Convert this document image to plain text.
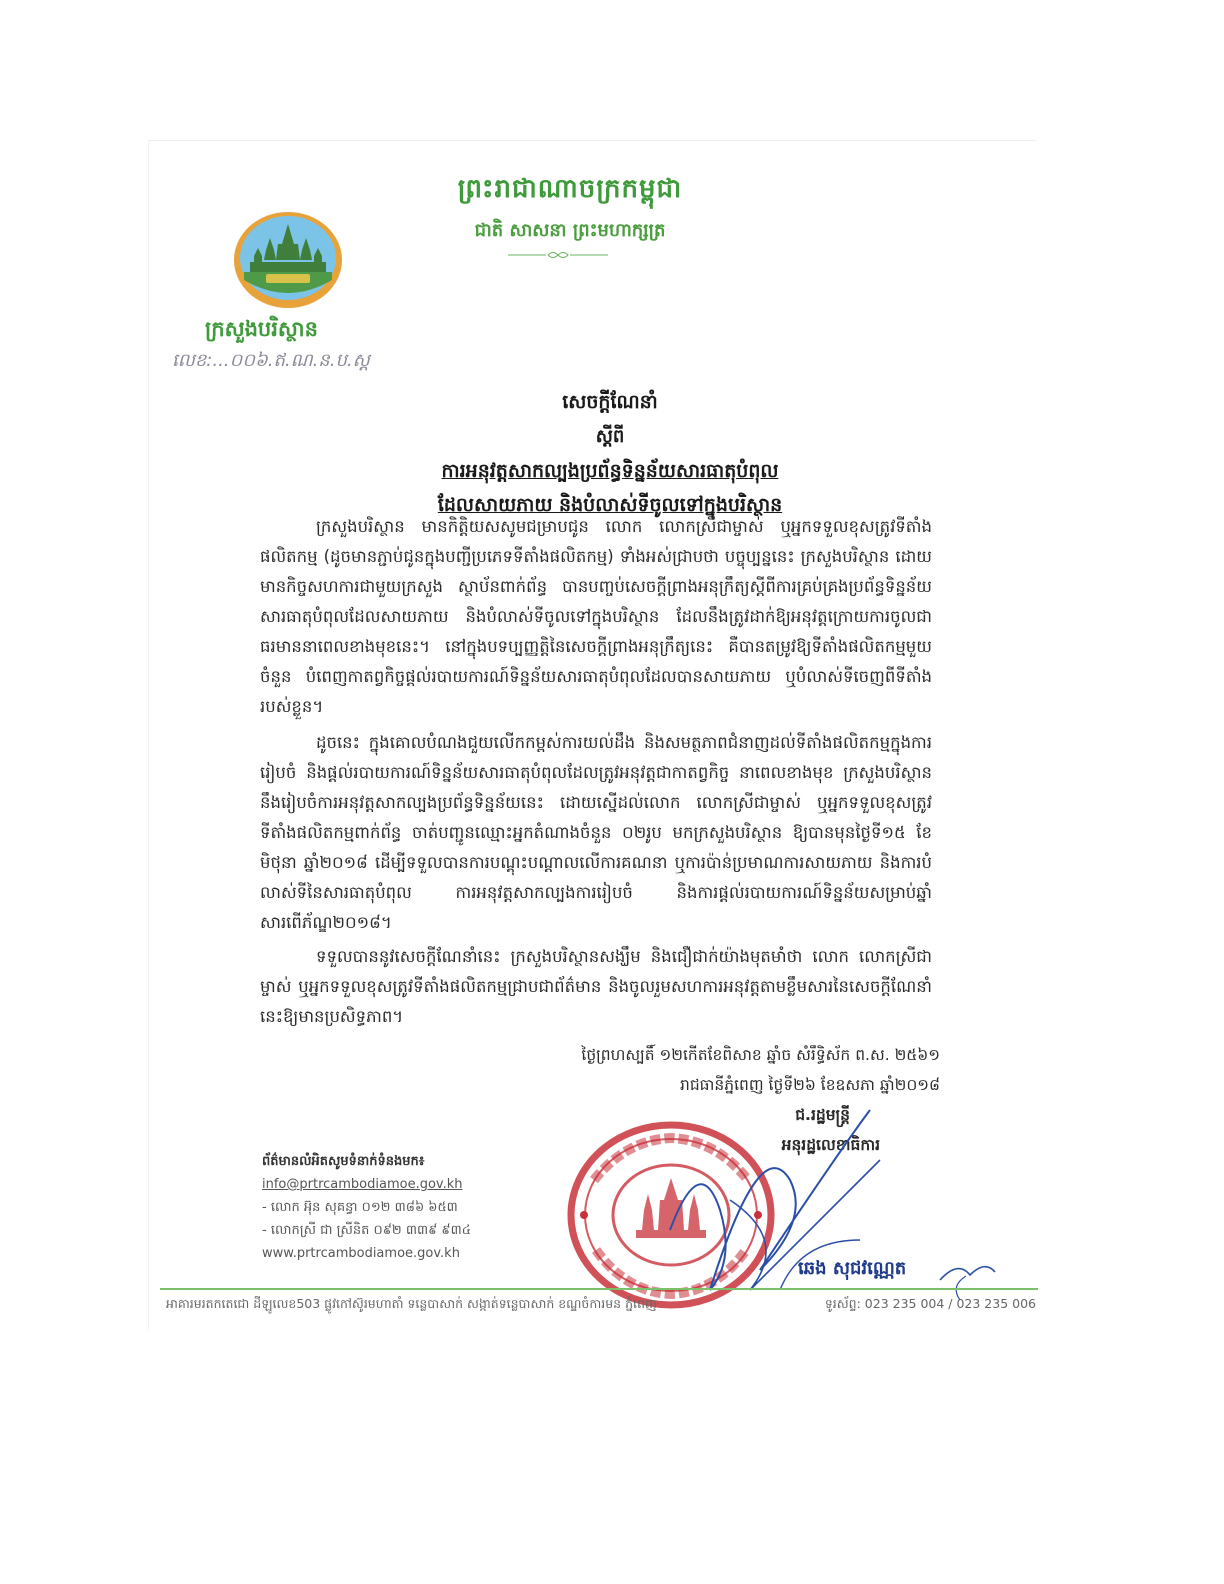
ព្រះរាជាណាចក្រកម្ពុជា
ជាតិ សាសនា ព្រះមហាក្សត្រ
ក្រសួងបរិស្ថាន
លេខ:...០០៦.ឥ.ណ.ន.ប.ស្ត
សេចក្តីណែនាំ
ស្តីពី
ការអនុវត្តសាកល្បងប្រព័ន្ធទិន្នន័យសារធាតុបំពុល
ដែលសាយភាយ និងបំលាស់ទីចូលទៅក្នុងបរិស្ថាន
ក្រសួងបរិស្ថាន មានកិត្តិយសសូមជម្រាបជូន លោក លោកស្រីជាម្ចាស់ ឬអ្នកទទួលខុសត្រូវទីតាំងផលិតកម្ម (ដូចមានភ្ជាប់ជូនក្នុងបញ្ជីប្រភេទទីតាំងផលិតកម្ម) ទាំងអស់ជ្រាបថា បច្ចុប្បន្ននេះ ក្រសួងបរិស្ថាន ដោយមានកិច្ចសហការជាមួយក្រសួង ស្ថាប័នពាក់ព័ន្ធ បានបញ្ចប់សេចក្តីព្រាងអនុក្រឹត្យស្តីពីការគ្រប់គ្រងប្រព័ន្ធទិន្នន័យសារធាតុបំពុលដែលសាយភាយ និងបំលាស់ទីចូលទៅក្នុងបរិស្ថាន ដែលនឹងត្រូវដាក់ឱ្យអនុវត្តក្រោយការចូលជាធរមាននាពេលខាងមុខនេះ។ នៅក្នុងបទប្បញ្ញត្តិនៃសេចក្តីព្រាងអនុក្រឹត្យនេះ គឺបានតម្រូវឱ្យទីតាំងផលិតកម្មមួយចំនួន បំពេញកាតព្វកិច្ចផ្តល់របាយការណ៍ទិន្នន័យសារធាតុបំពុលដែលបានសាយភាយ ឬបំលាស់ទីចេញពីទីតាំងរបស់ខ្លួន។
ដូចនេះ ក្នុងគោលបំណងជួយលើកកម្ពស់ការយល់ដឹង និងសមត្ថភាពជំនាញដល់ទីតាំងផលិតកម្មក្នុងការរៀបចំ និងផ្តល់របាយការណ៍ទិន្នន័យសារធាតុបំពុលដែលត្រូវអនុវត្តជាកាតព្វកិច្ច នាពេលខាងមុខ ក្រសួងបរិស្ថាន នឹងរៀបចំការអនុវត្តសាកល្បងប្រព័ន្ធទិន្នន័យនេះ ដោយស្នើដល់លោក លោកស្រីជាម្ចាស់ ឬអ្នកទទួលខុសត្រូវទីតាំងផលិតកម្មពាក់ព័ន្ធ ចាត់បញ្ជូនឈ្មោះអ្នកតំណាងចំនួន ០២រូប មកក្រសួងបរិស្ថាន ឱ្យបានមុនថ្ងៃទី១៥ ខែមិថុនា ឆ្នាំ២០១៨ ដើម្បីទទួលបានការបណ្តុះបណ្តាលលើការគណនា ឬការប៉ាន់ប្រមាណការសាយភាយ និងការបំលាស់ទីនៃសារធាតុបំពុល ការអនុវត្តសាកល្បងការរៀបចំ និងការផ្តល់របាយការណ៍ទិន្នន័យសម្រាប់ឆ្នាំសារពើភ័ណ្ឌ២០១៨។
ទទួលបាននូវសេចក្តីណែនាំនេះ ក្រសួងបរិស្ថានសង្ឃឹម និងជឿជាក់យ៉ាងមុតមាំថា លោក លោកស្រីជាម្ចាស់ ឬអ្នកទទួលខុសត្រូវទីតាំងផលិតកម្មជ្រាបជាព័ត៌មាន និងចូលរួមសហការអនុវត្តតាមខ្លឹមសារនៃសេចក្តីណែនាំនេះឱ្យមានប្រសិទ្ធភាព។
ថ្ងៃព្រហស្បតិ៍ ១២កើតខែពិសាខ ឆ្នាំច សំរឹទ្ធិស័ក ព.ស. ២៥៦១
រាជធានីភ្នំពេញ ថ្ងៃទី២៦ ខែឧសភា ឆ្នាំ២០១៨
ជ.រដ្ឋមន្ត្រី
អនុរដ្ឋលេខាធិការ
ព័ត៌មានលំអិតសូមទំនាក់ទំនងមក៖
info@prtrcambodiamoe.gov.kh
- លោក អ៊ុន សុគន្ធា ០១២ ៣៨៦ ៦៥៣
- លោកស្រី ជា ស្រីនិត ០៩២ ៣៣៩ ៩៣៤
www.prtrcambodiamoe.gov.kh
ឆេង សុជវណ្ណេត
អាគារមរតកតេជោ ដីឡូលេខ503 ផ្លូវកៅស៊ូរមហាតាំ ទន្លេបាសាក់ សង្កាត់ទន្លេបាសាក់ ខណ្ឌចំការមន ភ្នំពេញ	ទូរស័ព្ទ: 023 235 004 / 023 235 006
